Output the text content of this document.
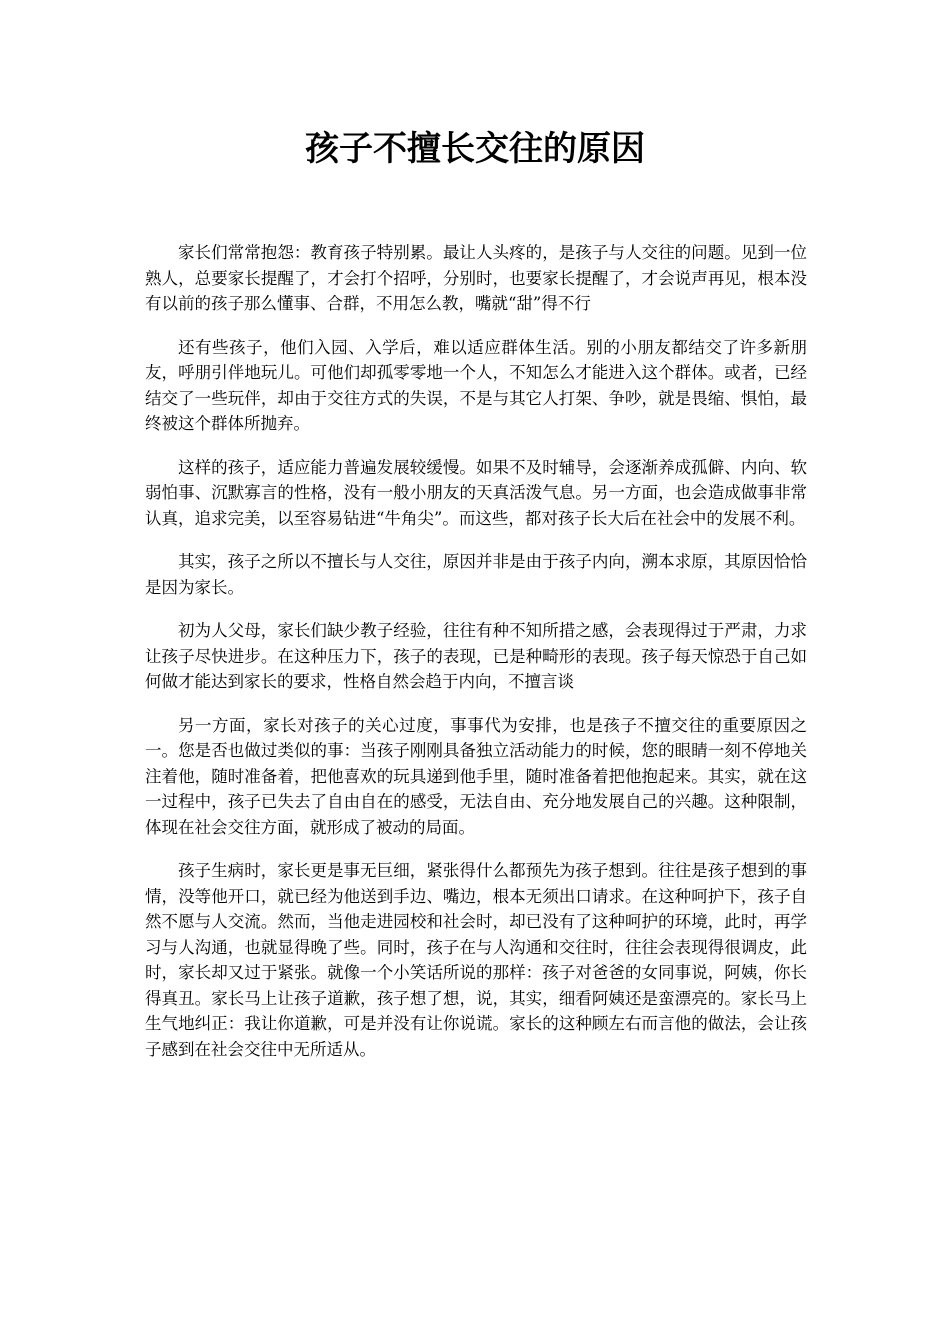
孩子不擅长交往的原因

家长们常常抱怨：教育孩子特别累。最让人头疼的，是孩子与人交往的问题。见到一位熟人，总要家长提醒了，才会打个招呼，分别时，也要家长提醒了，才会说声再见，根本没有以前的孩子那么懂事、合群，不用怎么教，嘴就“甜”得不行

还有些孩子，他们入园、入学后，难以适应群体生活。别的小朋友都结交了许多新朋友，呼朋引伴地玩儿。可他们却孤零零地一个人，不知怎么才能进入这个群体。或者，已经结交了一些玩伴，却由于交往方式的失误，不是与其它人打架、争吵，就是畏缩、惧怕，最终被这个群体所抛弃。

这样的孩子，适应能力普遍发展较缓慢。如果不及时辅导，会逐渐养成孤僻、内向、软弱怕事、沉默寡言的性格，没有一般小朋友的天真活泼气息。另一方面，也会造成做事非常认真，追求完美，以至容易钻进“牛角尖”。而这些，都对孩子长大后在社会中的发展不利。

其实，孩子之所以不擅长与人交往，原因并非是由于孩子内向，溯本求原，其原因恰恰是因为家长。

初为人父母，家长们缺少教子经验，往往有种不知所措之感，会表现得过于严肃，力求让孩子尽快进步。在这种压力下，孩子的表现，已是种畸形的表现。孩子每天惊恐于自己如何做才能达到家长的要求，性格自然会趋于内向，不擅言谈

另一方面，家长对孩子的关心过度，事事代为安排，也是孩子不擅交往的重要原因之一。您是否也做过类似的事：当孩子刚刚具备独立活动能力的时候，您的眼睛一刻不停地关注着他，随时准备着，把他喜欢的玩具递到他手里，随时准备着把他抱起来。其实，就在这一过程中，孩子已失去了自由自在的感受，无法自由、充分地发展自己的兴趣。这种限制，体现在社会交往方面，就形成了被动的局面。

孩子生病时，家长更是事无巨细，紧张得什么都预先为孩子想到。往往是孩子想到的事情，没等他开口，就已经为他送到手边、嘴边，根本无须出口请求。在这种呵护下，孩子自然不愿与人交流。然而，当他走进园校和社会时，却已没有了这种呵护的环境，此时，再学习与人沟通，也就显得晚了些。同时，孩子在与人沟通和交往时，往往会表现得很调皮，此时，家长却又过于紧张。就像一个小笑话所说的那样：孩子对爸爸的女同事说，阿姨，你长得真丑。家长马上让孩子道歉，孩子想了想，说，其实，细看阿姨还是蛮漂亮的。家长马上生气地纠正：我让你道歉，可是并没有让你说谎。家长的这种顾左右而言他的做法，会让孩子感到在社会交往中无所适从。
